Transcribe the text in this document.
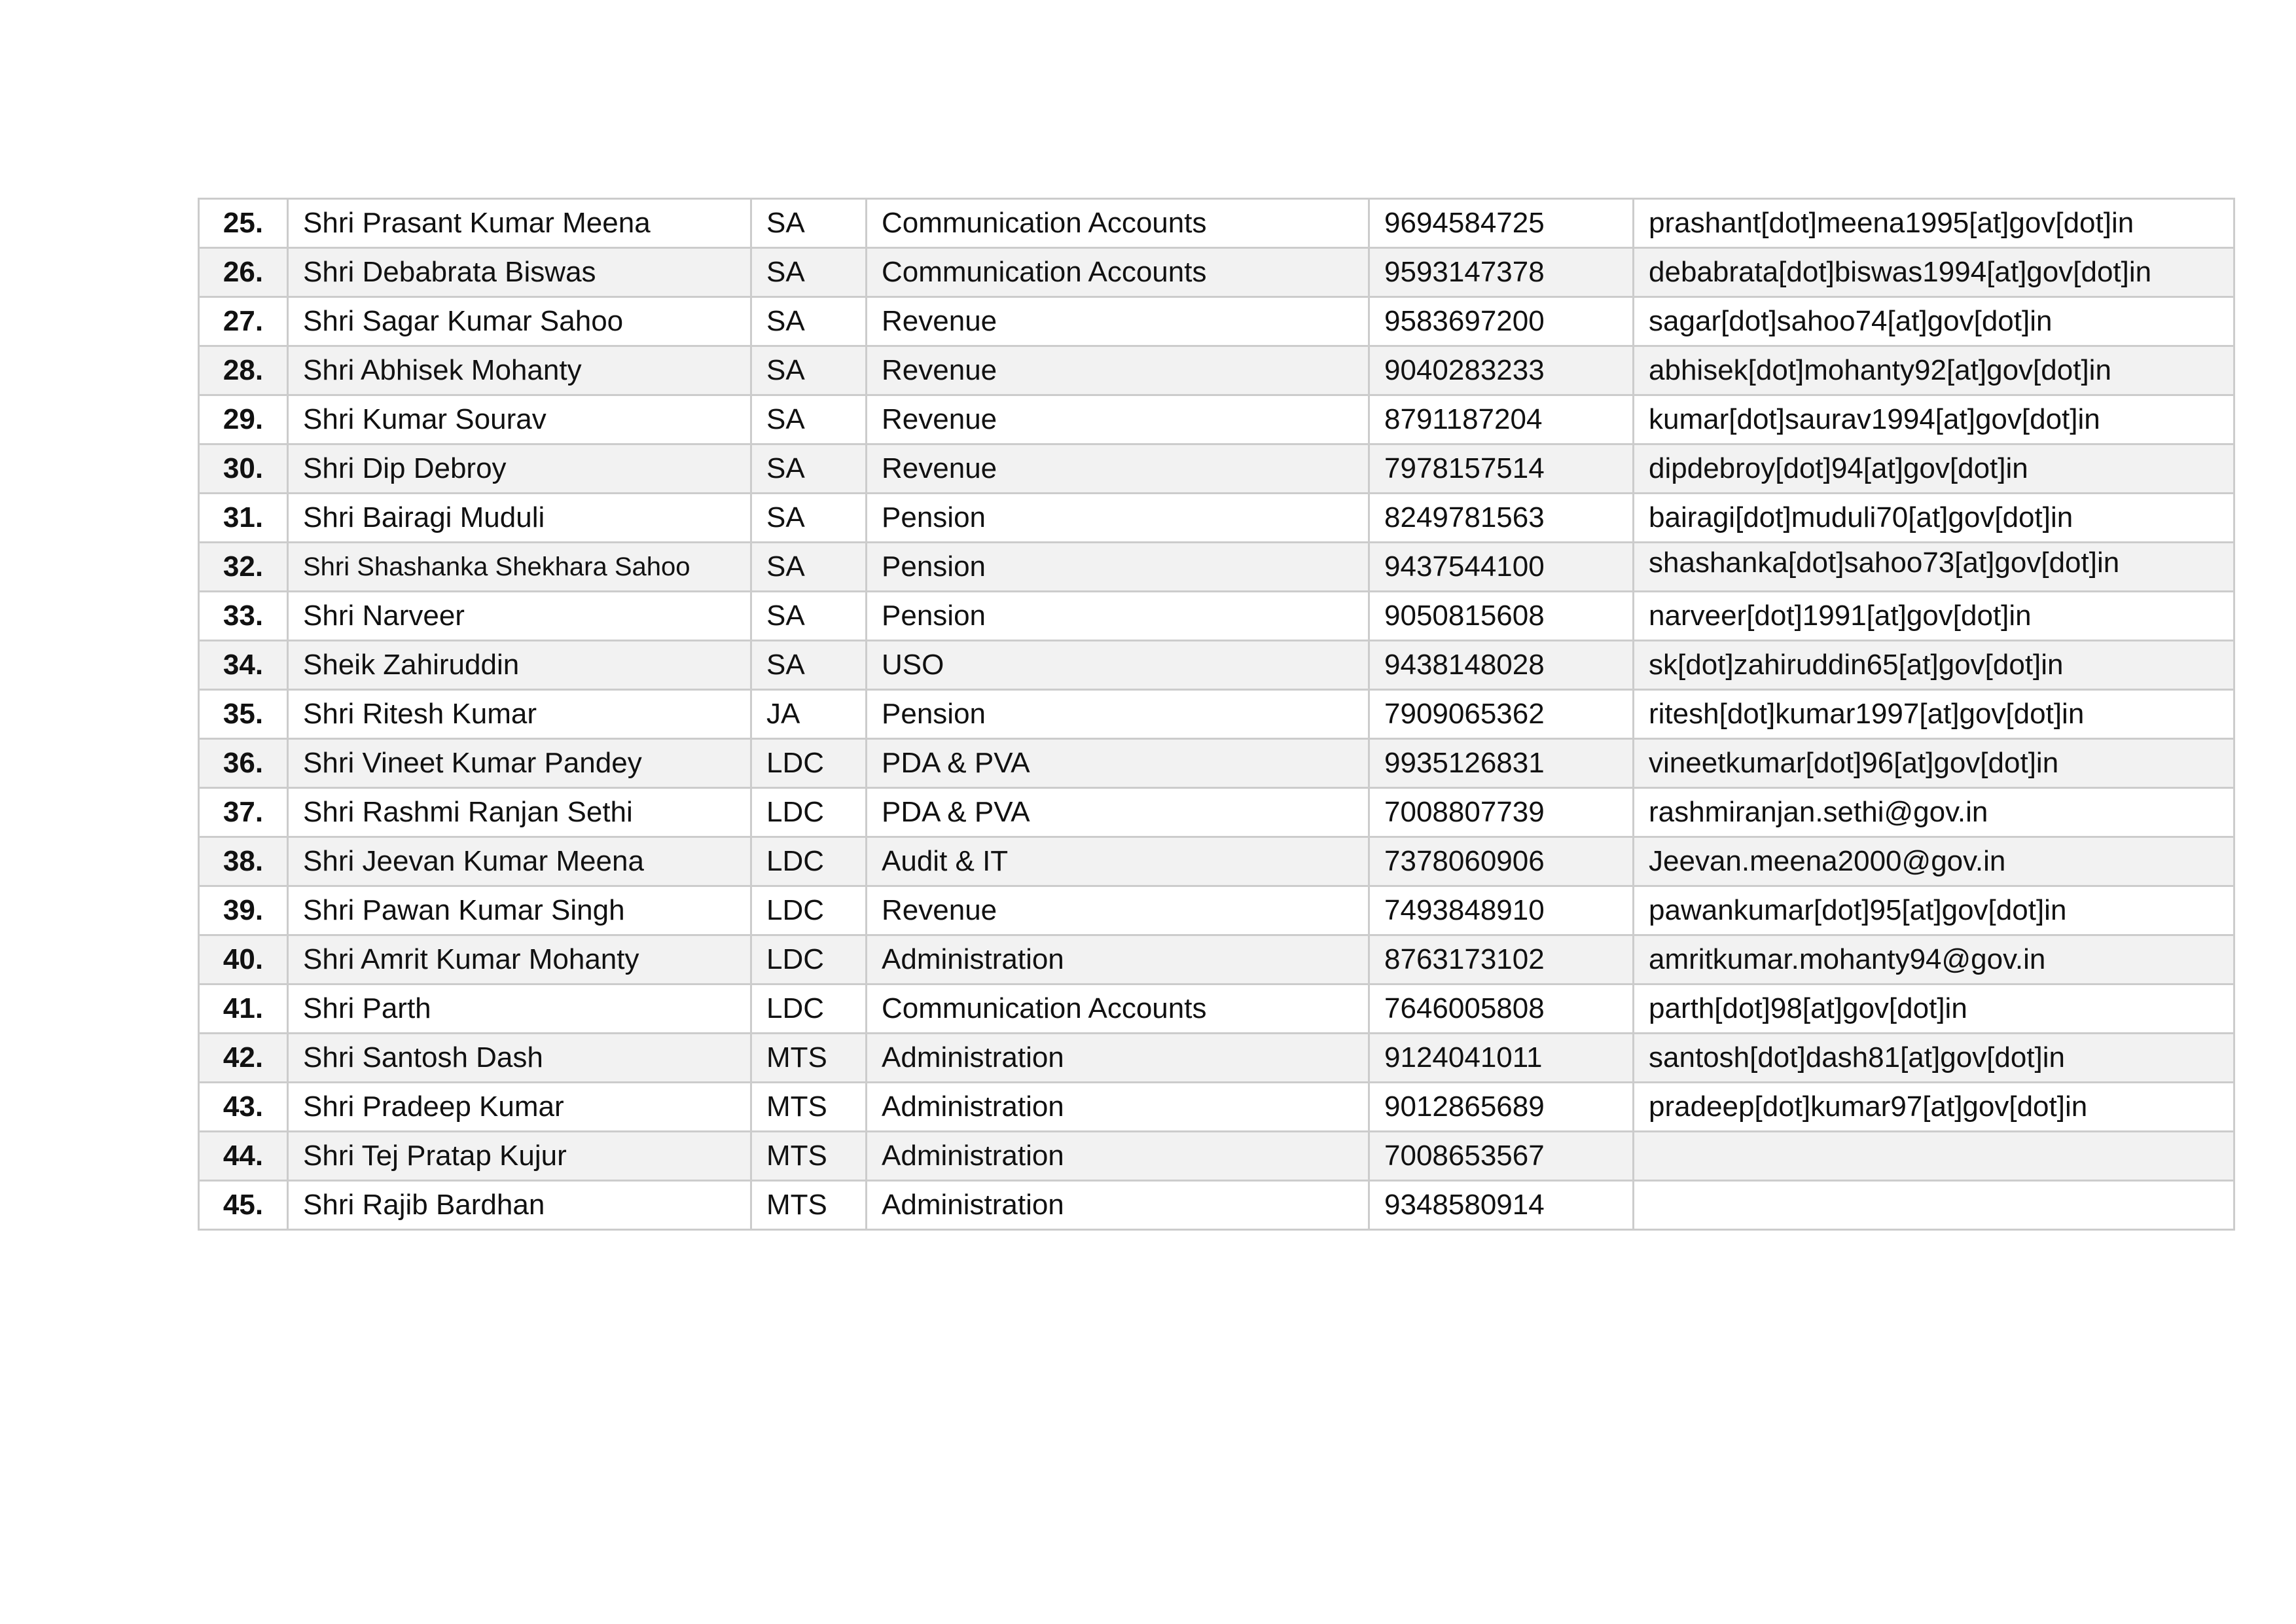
25.	Shri Prasant Kumar Meena	SA	Communication Accounts	9694584725	prashant[dot]meena1995[at]gov[dot]in
26.	Shri Debabrata Biswas	SA	Communication Accounts	9593147378	debabrata[dot]biswas1994[at]gov[dot]in
27.	Shri Sagar Kumar Sahoo	SA	Revenue	9583697200	sagar[dot]sahoo74[at]gov[dot]in
28.	Shri Abhisek Mohanty	SA	Revenue	9040283233	abhisek[dot]mohanty92[at]gov[dot]in
29.	Shri Kumar Sourav	SA	Revenue	8791187204	kumar[dot]saurav1994[at]gov[dot]in
30.	Shri Dip Debroy	SA	Revenue	7978157514	dipdebroy[dot]94[at]gov[dot]in
31.	Shri Bairagi Muduli	SA	Pension	8249781563	bairagi[dot]muduli70[at]gov[dot]in
32.	Shri Shashanka Shekhara Sahoo	SA	Pension	9437544100	shashanka[dot]sahoo73[at]gov[dot]in
33.	Shri Narveer	SA	Pension	9050815608	narveer[dot]1991[at]gov[dot]in
34.	Sheik Zahiruddin	SA	USO	9438148028	sk[dot]zahiruddin65[at]gov[dot]in
35.	Shri Ritesh Kumar	JA	Pension	7909065362	ritesh[dot]kumar1997[at]gov[dot]in
36.	Shri Vineet Kumar Pandey	LDC	PDA & PVA	9935126831	vineetkumar[dot]96[at]gov[dot]in
37.	Shri Rashmi Ranjan Sethi	LDC	PDA & PVA	7008807739	rashmiranjan.sethi@gov.in
38.	Shri Jeevan Kumar Meena	LDC	Audit & IT	7378060906	Jeevan.meena2000@gov.in
39.	Shri Pawan Kumar Singh	LDC	Revenue	7493848910	pawankumar[dot]95[at]gov[dot]in
40.	Shri Amrit Kumar Mohanty	LDC	Administration	8763173102	amritkumar.mohanty94@gov.in
41.	Shri Parth	LDC	Communication Accounts	7646005808	parth[dot]98[at]gov[dot]in
42.	Shri Santosh Dash	MTS	Administration	9124041011	santosh[dot]dash81[at]gov[dot]in
43.	Shri Pradeep Kumar	MTS	Administration	9012865689	pradeep[dot]kumar97[at]gov[dot]in
44.	Shri Tej Pratap Kujur	MTS	Administration	7008653567	
45.	Shri Rajib Bardhan	MTS	Administration	9348580914	
